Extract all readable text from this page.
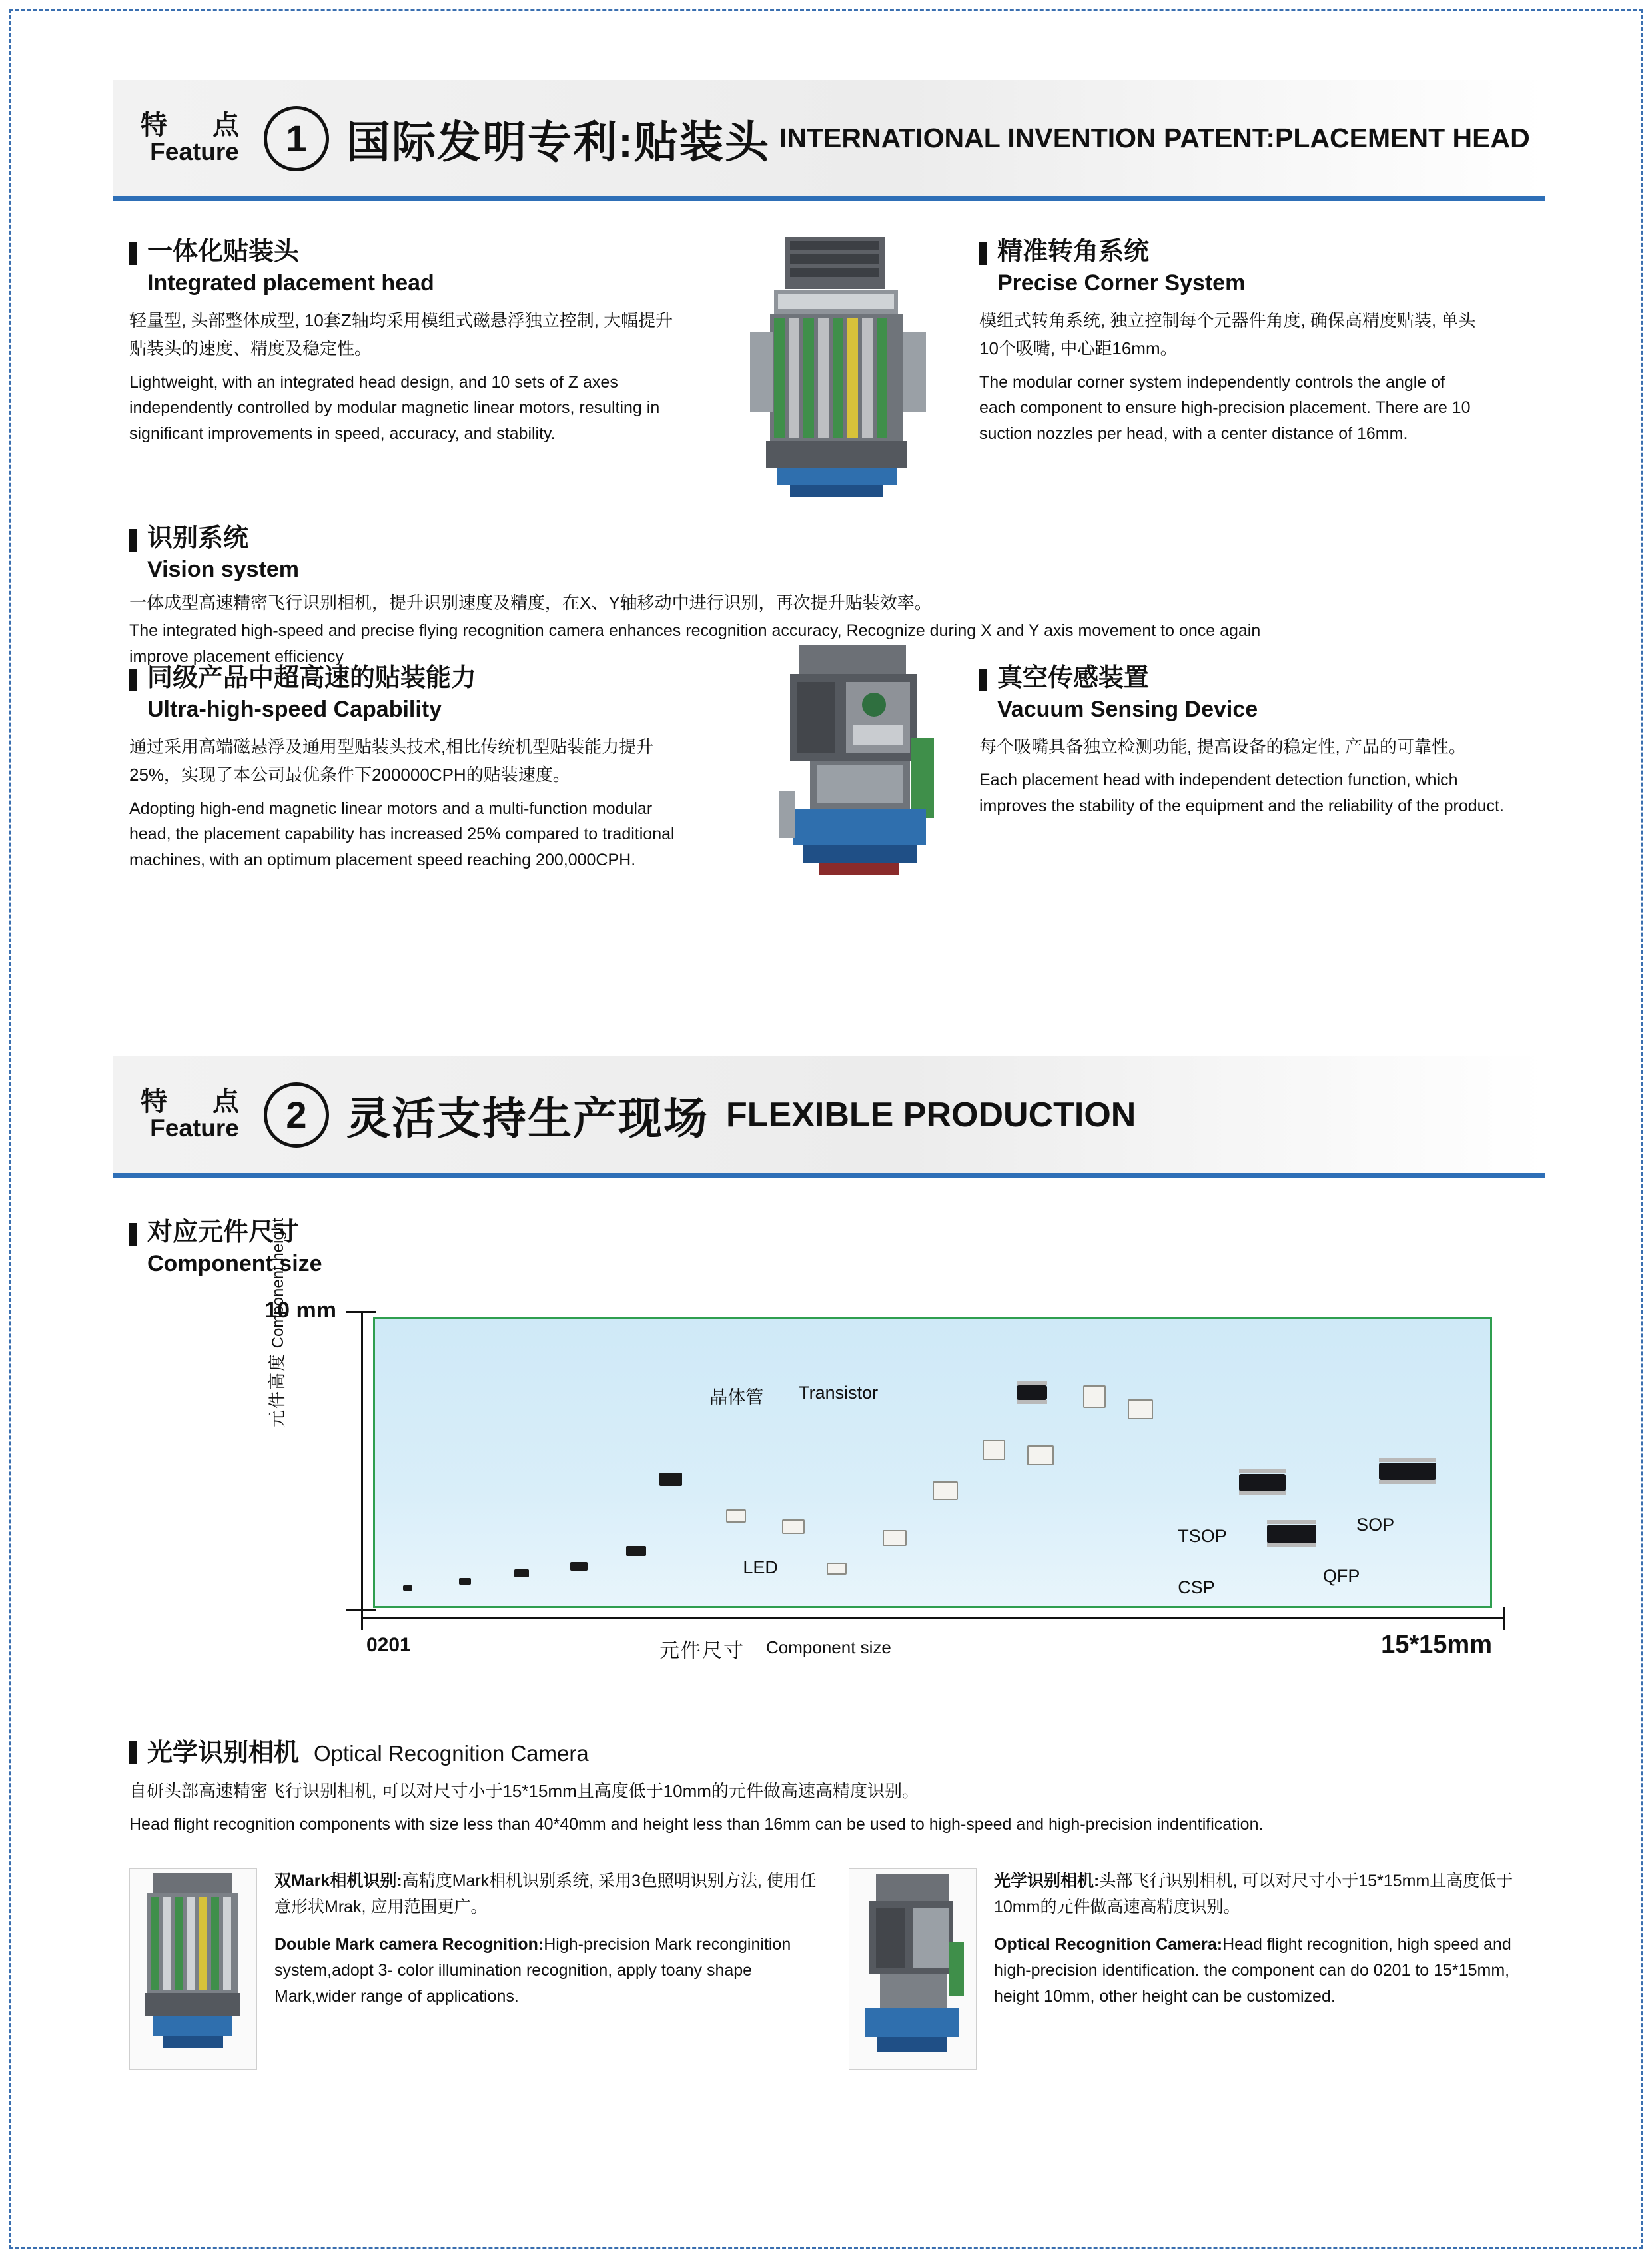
特　点
Feature	1 国际发明专利:贴装头 INTERNATIONAL INVENTION PATENT:PLACEMENT HEAD
一体化贴装头
Integrated placement head

轻量型, 头部整体成型, 10套Z轴均采用模组式磁悬浮独立控制, 大幅提升贴装头的速度、精度及稳定性。

Lightweight, with an integrated head design, and 10 sets of Z axes independently controlled by modular magnetic linear motors, resulting in significant improvements in speed, accuracy, and stability.

精准转角系统
Precise Corner System

模组式转角系统, 独立控制每个元器件角度, 确保高精度贴装, 单头10个吸嘴, 中心距16mm。

The modular corner system independently controls the angle of each component to ensure high-precision placement. There are 10 suction nozzles per head, with a center distance of 16mm.

识别系统
Vision system

一体成型高速精密飞行识别相机，提升识别速度及精度，在X、Y轴移动中进行识别，再次提升贴装效率。

The integrated high-speed and precise flying recognition camera enhances recognition accuracy, Recognize during X and Y axis movement to once again improve placement efficiency

同级产品中超高速的贴装能力
Ultra-high-speed Capability

通过采用高端磁悬浮及通用型贴装头技术,相比传统机型贴装能力提升25%，实现了本公司最优条件下200000CPH的贴装速度。

Adopting high-end magnetic linear motors and a multi-function modular head, the placement capability has increased 25% compared to traditional machines, with an optimum placement speed reaching 200,000CPH.

真空传感装置
Vacuum Sensing Device

每个吸嘴具备独立检测功能, 提高设备的稳定性, 产品的可靠性。

Each placement head with independent detection function, which improves the stability of the equipment and the reliability of the product.

特　点
Feature	2 灵活支持生产现场 FLEXIBLE PRODUCTION
对应元件尺寸
Component size
10 mm
元件高度 Component height
晶体管 Transistor
LED
TSOP
CSP
SOP
QFP
0201	元件尺寸 Component size	15*15mm
光学识别相机 Optical Recognition Camera

自研头部高速精密飞行识别相机, 可以对尺寸小于15*15mm且高度低于10mm的元件做高速高精度识别。

Head flight recognition components with size less than 40*40mm and height less than 16mm can be used to high-speed and high-precision indentification.

双Mark相机识别:高精度Mark相机识别系统, 采用3色照明识别方法, 使用任意形状Mrak, 应用范围更广。

Double Mark camera Recognition:High-precision Mark reconginition system,adopt 3- color illumination recognition, apply toany shape Mark,wider range of applications.

光学识别相机:头部飞行识别相机, 可以对尺寸小于15*15mm且高度低于10mm的元件做高速高精度识别。

Optical Recognition Camera:Head flight recognition, high speed and high-precision identification. the component can do 0201 to 15*15mm, height 10mm, other height can be customized.
